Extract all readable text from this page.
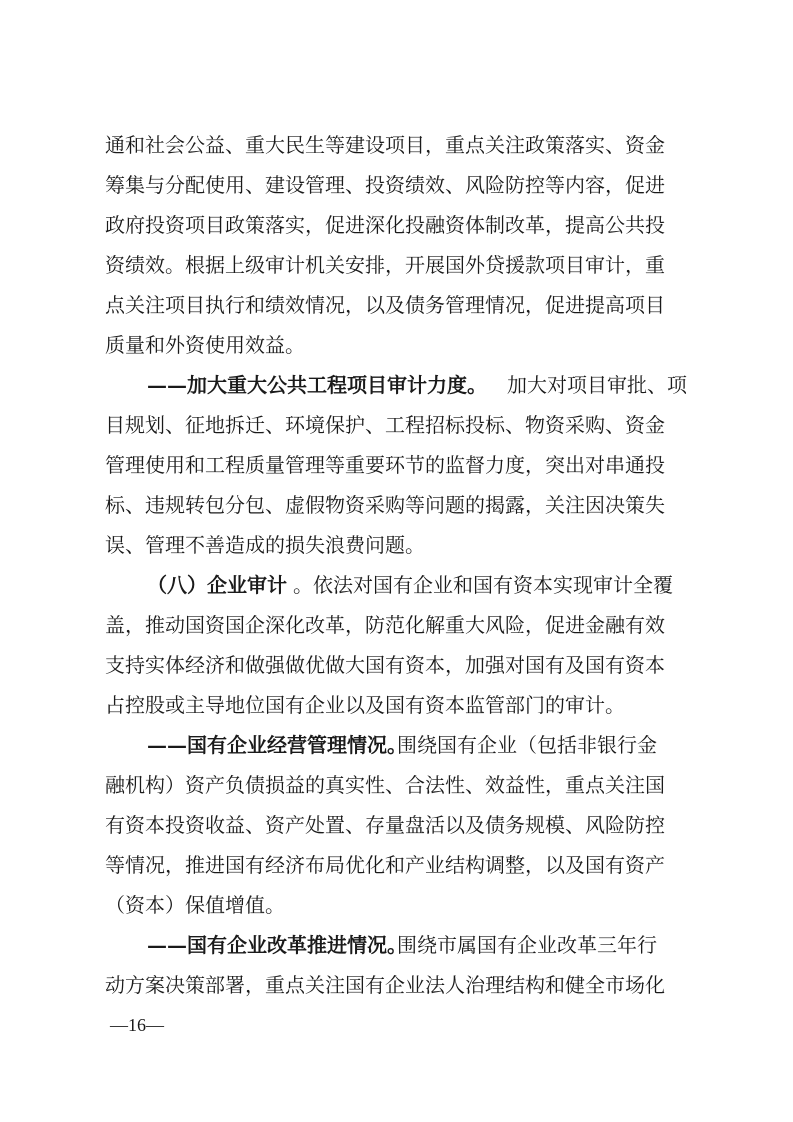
通和社会公益、重大民生等建设项目，重点关注政策落实、资金
筹集与分配使用、建设管理、投资绩效、风险防控等内容，促进
政府投资项目政策落实，促进深化投融资体制改革，提高公共投
资绩效。根据上级审计机关安排，开展国外贷援款项目审计，重
点关注项目执行和绩效情况，以及债务管理情况，促进提高项目
质量和外资使用效益。
——加大重大公共工程项目审计力度。 加大对项目审批、项
目规划、征地拆迁、环境保护、工程招标投标、物资采购、资金
管理使用和工程质量管理等重要环节的监督力度，突出对串通投
标、违规转包分包、虚假物资采购等问题的揭露，关注因决策失
误、管理不善造成的损失浪费问题。
（八）企业审计 。依法对国有企业和国有资本实现审计全覆
盖，推动国资国企深化改革，防范化解重大风险，促进金融有效
支持实体经济和做强做优做大国有资本，加强对国有及国有资本
占控股或主导地位国有企业以及国有资本监管部门的审计。
——国有企业经营管理情况。
围绕国有企业（包括非银行金
融机构）资产负债损益的真实性、合法性、效益性，重点关注国
有资本投资收益、资产处置、存量盘活以及债务规模、风险防控
等情况，推进国有经济布局优化和产业结构调整，以及国有资产
（资本）保值增值。
——国有企业改革推进情况。
围绕市属国有企业改革三年行
动方案决策部署，重点关注国有企业法人治理结构和健全市场化
—16—
